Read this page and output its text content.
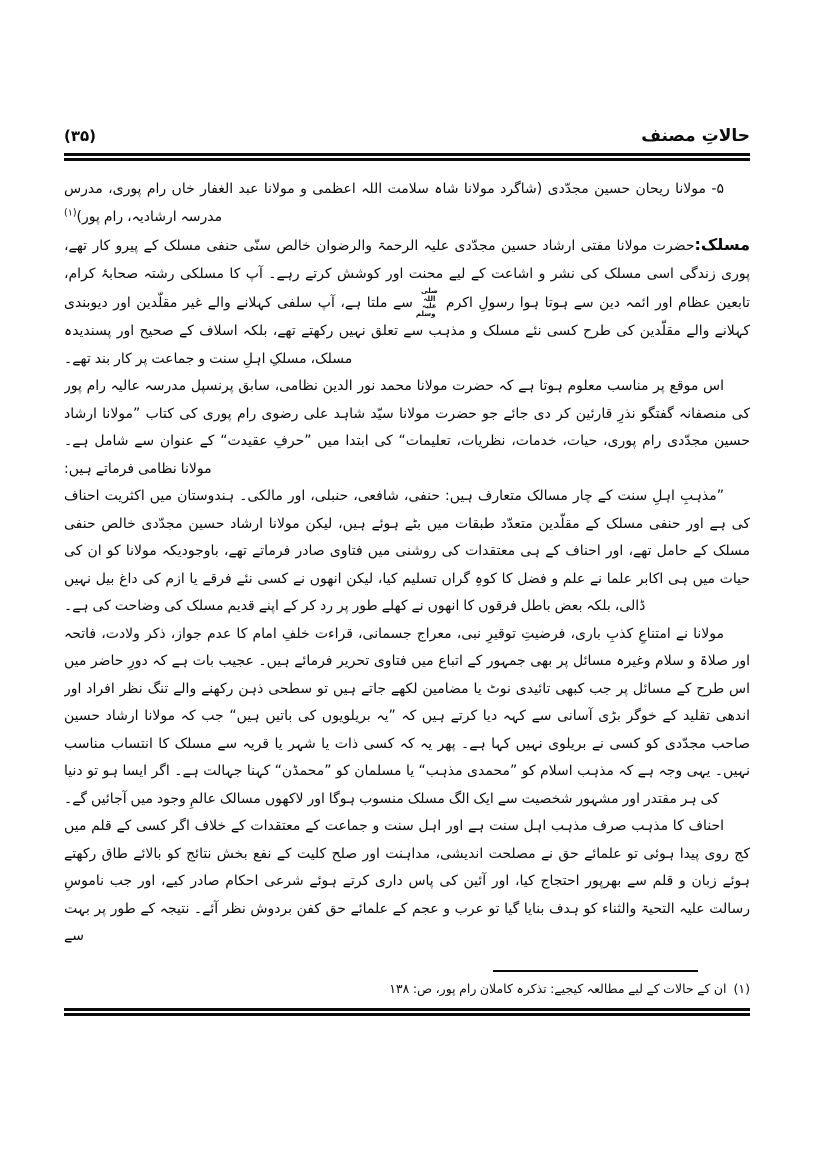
(۳۵)	حالاتِ مصنف

۵- مولانا ریحان حسین مجدّدی (شاگرد مولانا شاہ سلامت اللہ اعظمی و مولانا عبد الغفار خاں رام پوری، مدرس مدرسہ ارشادیہ، رام پور)$^{(۱)}$

مسلک:حضرت مولانا مفتی ارشاد حسین مجدّدی علیہ الرحمۃ والرضوان خالص سنّی حنفی مسلک کے پیرو کار تھے، پوری زندگی اسی مسلک کی نشر و اشاعت کے لیے محنت اور کوشش کرتے رہے۔ آپ کا مسلکی رشتہ صحابۂ کرام، تابعین عظام اور ائمہ دین سے ہوتا ہوا رسولِ اکرمصلی اللہ علیہ وسلمسے ملتا ہے، آپ سلفی کہلانے والے غیر مقلّدین اور دیوبندی کہلانے والے مقلّدین کی طرح کسی نئے مسلک و مذہب سے تعلق نہیں رکھتے تھے، بلکہ اسلاف کے صحیح اور پسندیدہ مسلک، مسلکِ اہلِ سنت و جماعت پر کار بند تھے۔

اس موقع پر مناسب معلوم ہوتا ہے کہ حضرت مولانا محمد نور الدین نظامی، سابق پرنسپل مدرسہ عالیہ رام پور کی منصفانہ گفتگو نذرِ قارئین کر دی جائے جو حضرت مولانا سیّد شاہد علی رضوی رام پوری کی کتاب ”مولانا ارشاد حسین مجدّدی رام پوری، حیات، خدمات، نظریات، تعلیمات“ کی ابتدا میں ”حرفِ عقیدت“ کے عنوان سے شامل ہے۔ مولانا نظامی فرماتے ہیں:

”مذہبِ اہلِ سنت کے چار مسالک متعارف ہیں: حنفی، شافعی، حنبلی، اور مالکی۔ ہندوستان میں اکثریت احناف کی ہے اور حنفی مسلک کے مقلّدین متعدّد طبقات میں بٹے ہوئے ہیں، لیکن مولانا ارشاد حسین مجدّدی خالص حنفی مسلک کے حامل تھے، اور احناف کے ہی معتقدات کی روشنی میں فتاوی صادر فرماتے تھے، باوجودیکہ مولانا کو ان کی حیات میں ہی اکابر علما نے علم و فضل کا کوہِ گراں تسلیم کیا، لیکن انھوں نے کسی نئے فرقے یا ازم کی داغ بیل نہیں ڈالی، بلکہ بعض باطل فرقوں کا انھوں نے کھلے طور پر رد کر کے اپنے قدیم مسلک کی وضاحت کی ہے۔

مولانا نے امتناعِ کذبِ باری، فرضیتِ توقیرِ نبی، معراج جسمانی، قراءت خلفِ امام کا عدم جواز، ذکر ولادت، فاتحہ اور صلاۃ و سلام وغیرہ مسائل پر بھی جمہور کے اتباع میں فتاوی تحریر فرمائے ہیں۔ عجیب بات ہے کہ دورِ حاضر میں اس طرح کے مسائل پر جب کبھی تائیدی نوٹ یا مضامین لکھے جاتے ہیں تو سطحی ذہن رکھنے والے تنگ نظر افراد اور اندھی تقلید کے خوگر بڑی آسانی سے کہہ دیا کرتے ہیں کہ ”یہ بریلویوں کی باتیں ہیں“ جب کہ مولانا ارشاد حسین صاحب مجدّدی کو کسی نے بریلوی نہیں کہا ہے۔ پھر یہ کہ کسی ذات یا شہر یا قریہ سے مسلک کا انتساب مناسب نہیں۔ یہی وجہ ہے کہ مذہب اسلام کو ”محمدی مذہب“ یا مسلمان کو ”محمڈن“ کہنا جہالت ہے۔ اگر ایسا ہو تو دنیا کی ہر مقتدر اور مشہور شخصیت سے ایک الگ مسلک منسوب ہوگا اور لاکھوں مسالک عالمِ وجود میں آجائیں گے۔

احناف کا مذہب صرف مذہب اہل سنت ہے اور اہل سنت و جماعت کے معتقدات کے خلاف اگر کسی کے قلم میں کج روی پیدا ہوئی تو علمائے حق نے مصلحت اندیشی، مداہنت اور صلح کلیت کے نفع بخش نتائج کو بالائے طاق رکھتے ہوئے زبان و قلم سے بھرپور احتجاج کیا، اور آئین کی پاس داری کرتے ہوئے شرعی احکام صادر کیے، اور جب ناموسِ رسالت علیہ التحیۃ والثناء کو ہدف بنایا گیا تو عرب و عجم کے علمائے حق کفن بردوش نظر آئے۔ نتیجہ کے طور پر بہت سے

(۱)ان کے حالات کے لیے مطالعہ کیجیے: تذکرہ کاملان رام پور، ص: ۱۳۸
